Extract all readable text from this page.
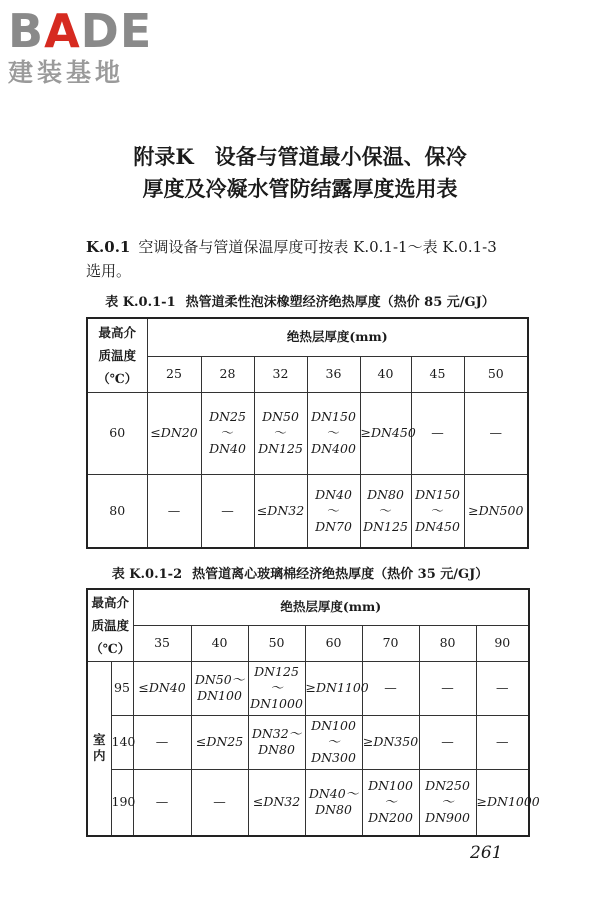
BADE
建装基地
附录K　设备与管道最小保温、保冷
厚度及冷凝水管防结露厚度选用表
K.0.1 空调设备与管道保温厚度可按表 K.0.1-1～表 K.0.1-3
选用。
表 K.0.1-1 热管道柔性泡沫橡塑经济绝热厚度（热价 85 元/GJ）
最高介
质温度
（℃）	绝热层厚度(mm)						
	25	28	32	36	40	45	50
60	≤DN20	DN25
～
DN40	DN50
～
DN125	DN150
～
DN400	≥DN450	—	—
80	—	—	≤DN32	DN40
～
DN70	DN80
～
DN125	DN150
～
DN450	≥DN500
表 K.0.1-2 热管道离心玻璃棉经济绝热厚度（热价 35 元/GJ）
最高介
质温度
（℃）		绝热层厚度(mm)						
		35	40	50	60	70	80	90

室
内	95	≤DN40	DN50～
DN100	DN125～
DN1000	≥DN1100	—	—	—
	140	—	≤DN25	DN32～
DN80	DN100～
DN300	≥DN350	—	—
	190	—	—	≤DN32	DN40～
DN80	DN100～
DN200	DN250～
DN900	≥DN1000
261
